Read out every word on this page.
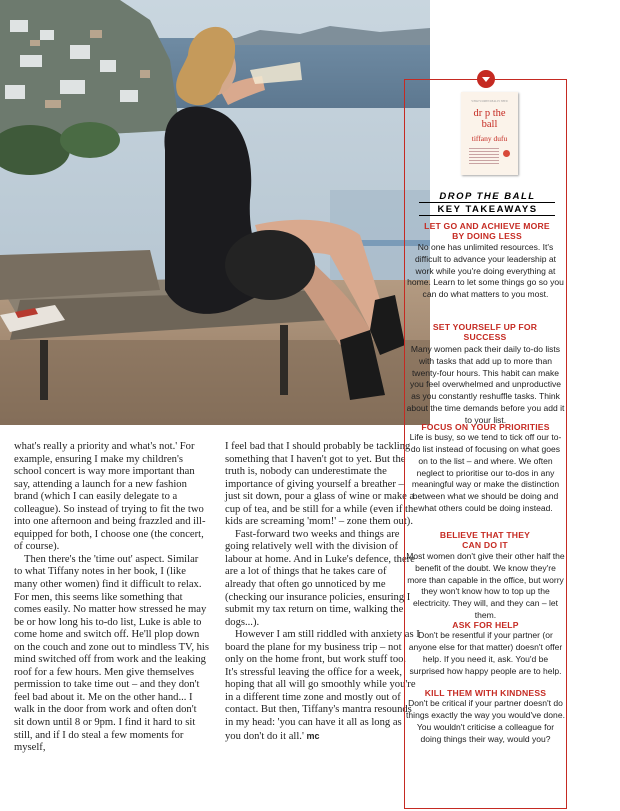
what's really a priority and what's not.' For example, ensuring I make my children's school concert is way more important than say, attending a launch for a new fashion brand (which I can easily delegate to a colleague). So instead of trying to fit the two into one afternoon and being frazzled and ill-equipped for both, I choose one (the concert, of course).

Then there's the 'time out' aspect. Similar to what Tiffany notes in her book, I (like many other women) find it difficult to relax. For men, this seems like something that comes easily. No matter how stressed he may be or how long his to-do list, Luke is able to come home and switch off. He'll plop down on the couch and zone out to mindless TV, his mind switched off from work and the leaking roof for a few hours. Men give themselves permission to take time out – and they don't feel bad about it. Me on the other hand... I walk in the door from work and often don't sit down until 8 or 9pm. I find it hard to sit still, and if I do steal a few moments for myself,

I feel bad that I should probably be tackling something that I haven't got to yet. But the truth is, nobody can underestimate the importance of giving yourself a breather – just sit down, pour a glass of wine or make a cup of tea, and be still for a while (even if the kids are screaming 'mom!' – zone them out).

Fast-forward two weeks and things are going relatively well with the division of labour at home. And in Luke's defence, there are a lot of things that he takes care of already that often go unnoticed by me (checking our insurance policies, ensuring I submit my tax return on time, walking the dogs...).

However I am still riddled with anxiety as I board the plane for my business trip – not only on the home front, but work stuff too. It's stressful leaving the office for a week, hoping that all will go smoothly while you're in a different time zone and mostly out of contact. But then, Tiffany's mantra resounds in my head: 'you can have it all as long as you don't do it all.' mc

WHAT WOMEN REALLY NEED
dr p the
ball
tiffany dufu
DROP THE BALL
KEY TAKEAWAYS
LET GO AND ACHIEVE MORE BY DOING LESS
No one has unlimited resources. It's difficult to advance your leadership at work while you're doing everything at home. Learn to let some things go so you can do what matters to you most.
SET YOURSELF UP FOR SUCCESS
Many women pack their daily to-do lists with tasks that add up to more than twenty-four hours. This habit can make you feel overwhelmed and unproductive as you constantly reshuffle tasks. Think about the time demands before you add it to your list.
FOCUS ON YOUR PRIORITIES
Life is busy, so we tend to tick off our to-do list instead of focusing on what goes on to the list – and where. We often neglect to prioritise our to-dos in any meaningful way or make the distinction between what we should be doing and what others could be doing instead.
BELIEVE THAT THEY CAN DO IT
Most women don't give their other half the benefit of the doubt. We know they're more than capable in the office, but worry they won't know how to top up the electricity. They will, and they can – let them.
ASK FOR HELP
Don't be resentful if your partner (or anyone else for that matter) doesn't offer help. If you need it, ask. You'd be surprised how happy people are to help.
KILL THEM WITH KINDNESS
Don't be critical if your partner doesn't do things exactly the way you would've done. You wouldn't criticise a colleague for doing things their way, would you?
